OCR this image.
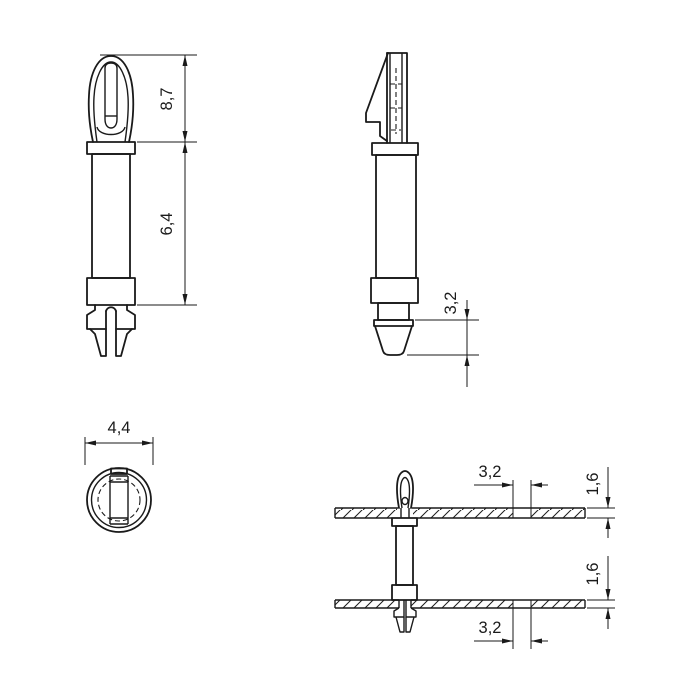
8,7
6,4
3,2
4,4
3,2
1,6
1,6
3,2
